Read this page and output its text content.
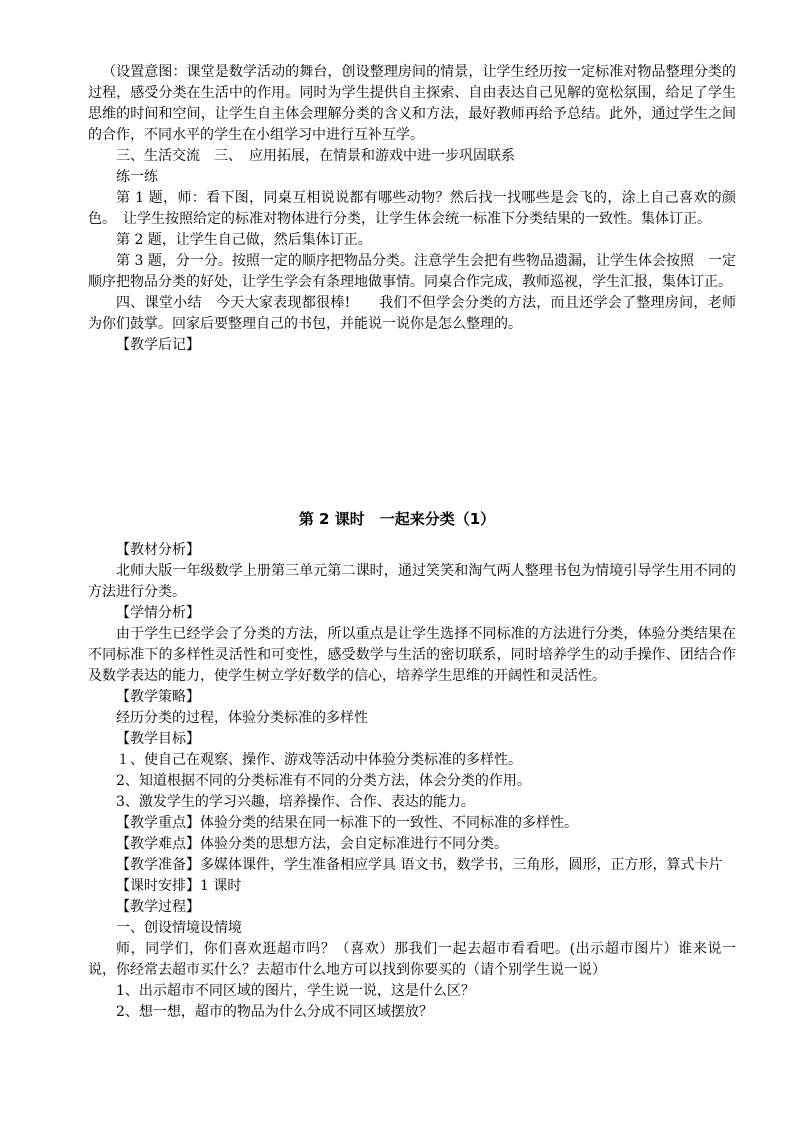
（设置意图：课堂是数学活动的舞台，创设整理房间的情景，让学生经历按一定标准对物品整理分类的过程，感受分类在生活中的作用。同时为学生提供自主探索、自由表达自己见解的宽松氛围，给足了学生思维的时间和空间，让学生自主体会理解分类的含义和方法，最好教师再给予总结。此外，通过学生之间的合作，不同水平的学生在小组学习中进行互补互学。

三、生活交流　三、　应用拓展，在情景和游戏中进一步巩固联系

练一练

第 1 题，师：看下图，同桌互相说说都有哪些动物？然后找一找哪些是会飞的，涂上自己喜欢的颜色。　让学生按照给定的标准对物体进行分类，让学生体会统一标准下分类结果的一致性。集体订正。

第 2 题，让学生自己做，然后集体订正。

第 3 题，分一分。按照一定的顺序把物品分类。注意学生会把有些物品遗漏，让学生体会按照　一定顺序把物品分类的好处，让学生学会有条理地做事情。同桌合作完成，教师巡视，学生汇报，集体订正。

四、课堂小结　今天大家表现都很棒!　　我们不但学会分类的方法，而且还学会了整理房间，老师为你们鼓掌。回家后要整理自己的书包，并能说一说你是怎么整理的。

【教学后记】

第 2 课时　一起来分类（1）

【教材分析】

北师大版一年级数学上册第三单元第二课时，通过笑笑和淘气两人整理书包为情境引导学生用不同的方法进行分类。

【学情分析】

由于学生已经学会了分类的方法，所以重点是让学生选择不同标准的方法进行分类，体验分类结果在不同标准下的多样性灵活性和可变性，感受数学与生活的密切联系，同时培养学生的动手操作、团结合作及数学表达的能力，使学生树立学好数学的信心，培养学生思维的开阔性和灵活性。

【教学策略】

经历分类的过程，体验分类标准的多样性

【教学目标】

１、使自己在观察、操作、游戏等活动中体验分类标准的多样性。

2、知道根据不同的分类标准有不同的分类方法，体会分类的作用。

3、激发学生的学习兴趣，培养操作、合作、表达的能力。

【教学重点】体验分类的结果在同一标准下的一致性、不同标准的多样性。

【教学难点】体验分类的思想方法，会自定标准进行不同分类。

【教学准备】多媒体课件，学生准备相应学具 语文书，数学书，三角形，圆形，正方形，算式卡片

【课时安排】1 课时

【教学过程】

一、创设情境设情境

师，同学们，你们喜欢逛超市吗？（喜欢）那我们一起去超市看看吧。(出示超市图片）谁来说一说，你经常去超市买什么？去超市什么地方可以找到你要买的（请个别学生说一说）

1、出示超市不同区域的图片，学生说一说，这是什么区？

2、想一想，超市的物品为什么分成不同区域摆放？
